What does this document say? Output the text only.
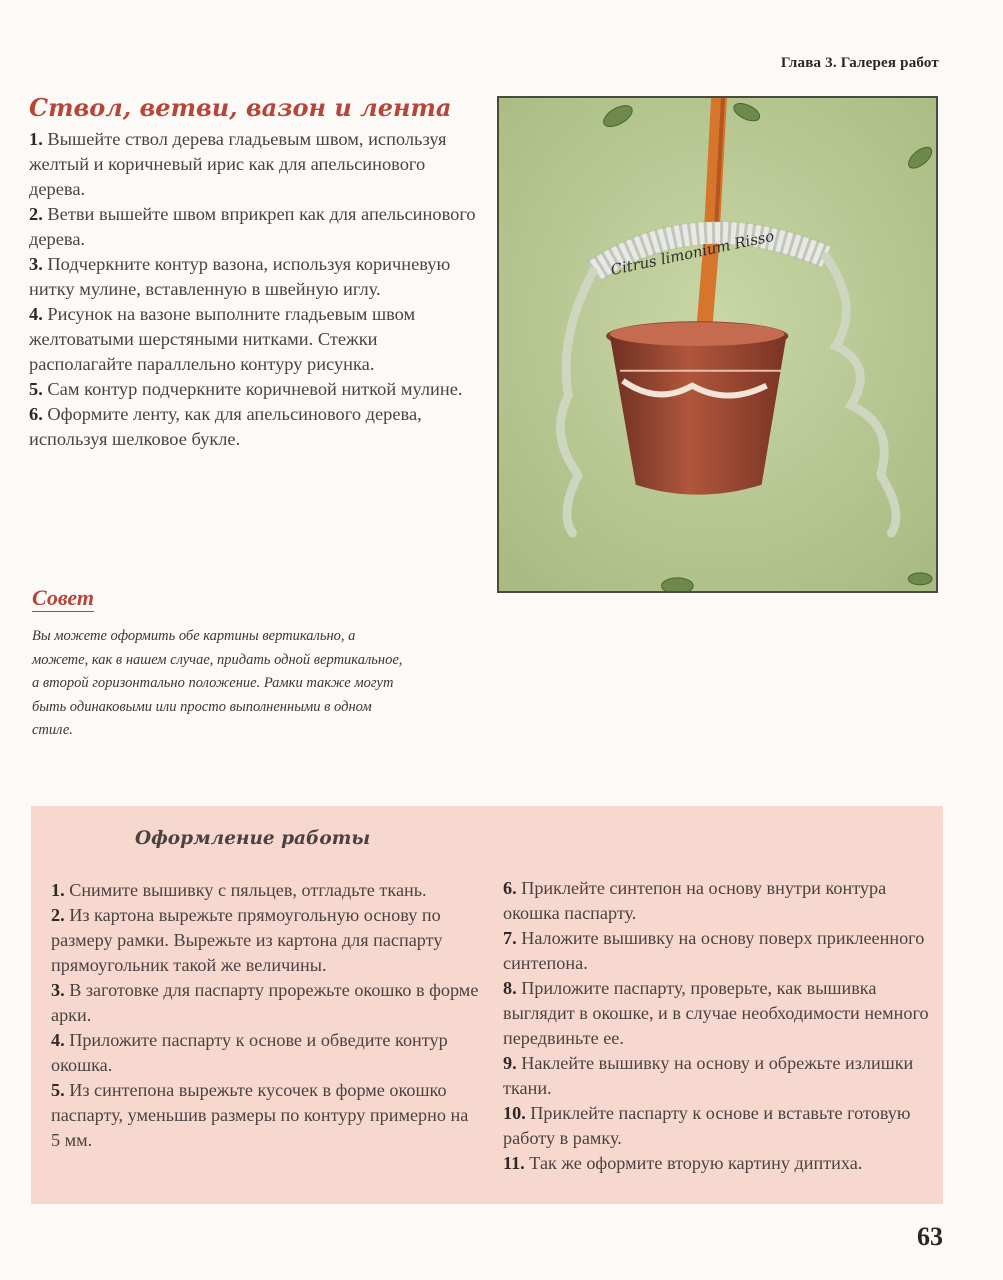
Глава 3. Галерея работ
Ствол, ветви, вазон и лента
1. Вышейте ствол дерева гладьевым швом, используя желтый и коричневый ирис как для апельсинового дерева.
2. Ветви вышейте швом вприкреп как для апельсинового дерева.
3. Подчеркните контур вазона, используя коричневую нитку мулине, вставленную в швейную иглу.
4. Рисунок на вазоне выполните гладьевым швом желтоватыми шерстяными нитками. Стежки располагайте параллельно контуру рисунка.
5. Сам контур подчеркните коричневой ниткой мулине.
6. Оформите ленту, как для апельсинового дерева, используя шелковое букле.
Citrus limonium Risso
Совет

Вы можете оформить обе картины вертикально, а можете, как в нашем случае, придать одной вертикальное, а второй горизонтально положение. Рамки также могут быть одинаковыми или просто выполненными в одном стиле.

Оформление работы
1. Снимите вышивку с пяльцев, отгладьте ткань.
2. Из картона вырежьте прямоугольную основу по размеру рамки. Вырежьте из картона для паспарту прямоугольник такой же величины.
3. В заготовке для паспарту прорежьте окошко в форме арки.
4. Приложите паспарту к основе и обведите контур окошка.
5. Из синтепона вырежьте кусочек в форме окошко паспарту, уменьшив размеры по контуру примерно на 5 мм.
6. Приклейте синтепон на основу внутри контура окошка паспарту.
7. Наложите вышивку на основу поверх приклеенного синтепона.
8. Приложите паспарту, проверьте, как вышивка выглядит в окошке, и в случае необходимости немного передвиньте ее.
9. Наклейте вышивку на основу и обрежьте излишки ткани.
10. Приклейте паспарту к основе и вставьте готовую работу в рамку.
11. Так же оформите вторую картину диптиха.
63
